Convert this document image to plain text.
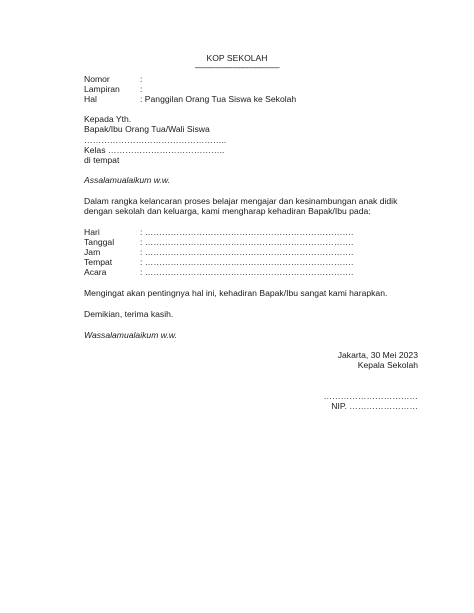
KOP SEKOLAH
-----------------------------------------
Nomor	:
Lampiran :
Hal	: Panggilan Orang Tua Siswa ke Sekolah
Kepada Yth.
Bapak/Ibu Orang Tua/Wali Siswa
…………………………………………..
Kelas …………………………………..
di tempat
Assalamualaikum w.w.
Dalam rangka kelancaran proses belajar mengajar dan kesinambungan anak didik
dengan sekolah dan keluarga, kami mengharap kehadiran Bapak/Ibu pada:
Hari	: ……………………………………………………………….
Tanggal	: ……………………………………………………………….
Jam	: ……………………………………………………………….
Tempat	: ……………………………………………………………….
Acara	: ……………………………………………………………….
Mengingat akan pentingnya hal ini, kehadiran Bapak/Ibu sangat kami harapkan.
Demikian, terima kasih.
Wassalamualaikum w.w.
Jakarta, 30 Mei 2023
Kepala Sekolah
……………………………
NIP. ……………………
